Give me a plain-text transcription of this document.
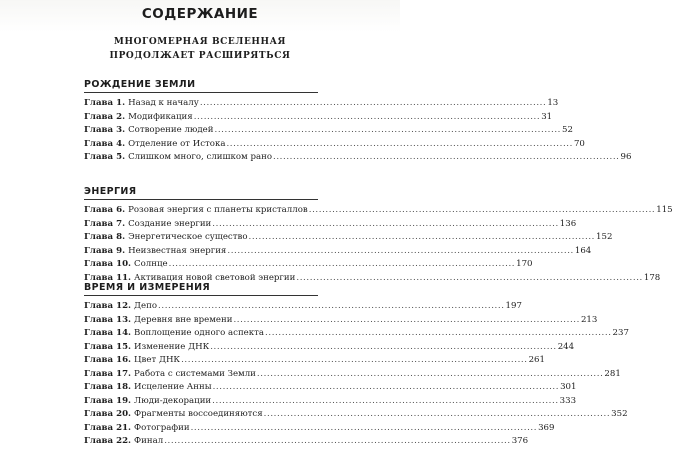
СОДЕРЖАНИЕ
МНОГОМЕРНАЯ ВСЕЛЕННАЯ
ПРОДОЛЖАЕТ РАСШИРЯТЬСЯ
РОЖДЕНИЕ ЗЕМЛИ
Глава 1. Назад к началу .....	13
Глава 2. Модификация .....	31
Глава 3. Сотворение людей .....	52
Глава 4. Отделение от Истока .....	70
Глава 5. Слишком много, слишком рано .....	96
ЭНЕРГИЯ
Глава 6. Розовая энергия с планеты кристаллов .....	115
Глава 7. Создание энергии .....	136
Глава 8. Энергетическое существо .....	152
Глава 9. Неизвестная энергия .....	164
Глава 10. Солнце .....	170
Глава 11. Активация новой световой энергии .....	178
ВРЕМЯ И ИЗМЕРЕНИЯ
Глава 12. Депо .....	197
Глава 13. Деревня вне времени .....	213
Глава 14. Воплощение одного аспекта .....	237
Глава 15. Изменение ДНК .....	244
Глава 16. Цвет ДНК .....	261
Глава 17. Работа с системами Земли .....	281
Глава 18. Исцеление Анны .....	301
Глава 19. Люди-декорации .....	333
Глава 20. Фрагменты воссоединяются .....	352
Глава 21. Фотографии .....	369
Глава 22. Финал .....	376
